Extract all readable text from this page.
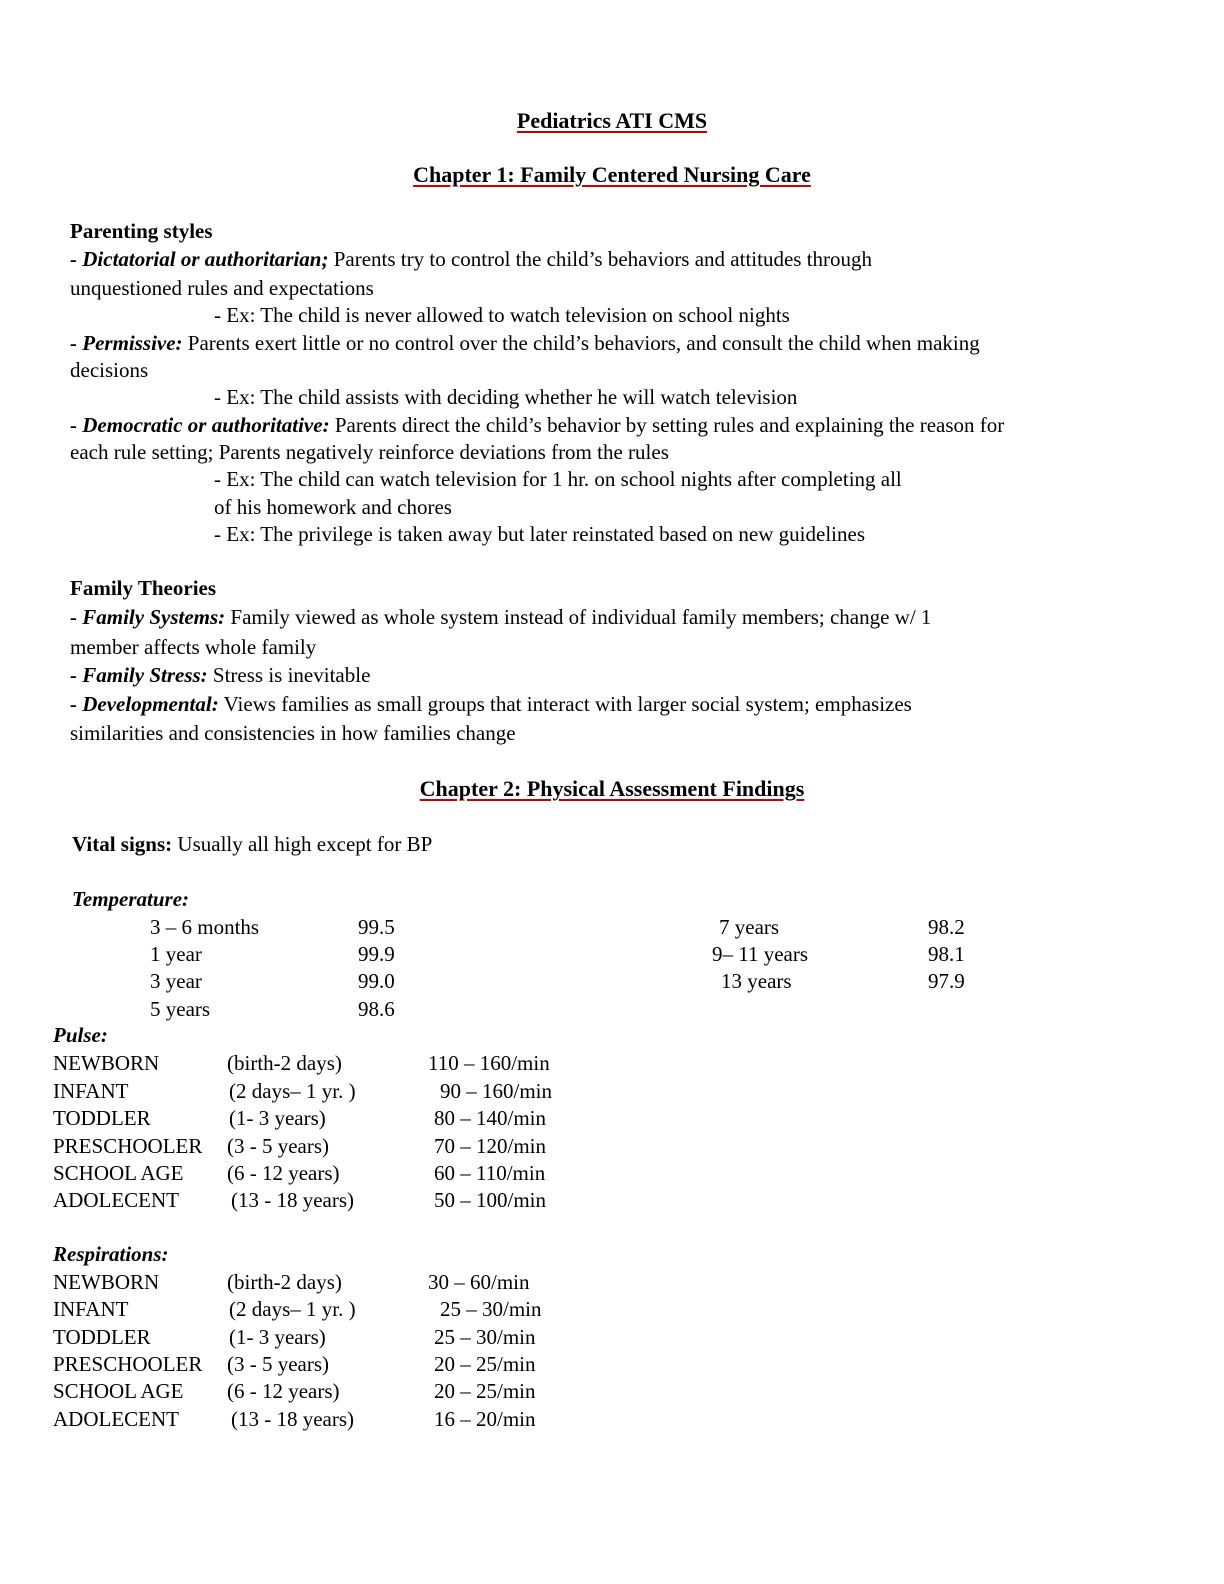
Pediatrics ATI CMS
Chapter 1: Family Centered Nursing Care
Parenting styles
- Dictatorial or authoritarian; Parents try to control the child’s behaviors and attitudes through
unquestioned rules and expectations
- Ex: The child is never allowed to watch television on school nights
- Permissive: Parents exert little or no control over the child’s behaviors, and consult the child when making
decisions
- Ex: The child assists with deciding whether he will watch television
- Democratic or authoritative: Parents direct the child’s behavior by setting rules and explaining the reason for
each rule setting; Parents negatively reinforce deviations from the rules
- Ex: The child can watch television for 1 hr. on school nights after completing all
of his homework and chores
- Ex: The privilege is taken away but later reinstated based on new guidelines
Family Theories
- Family Systems: Family viewed as whole system instead of individual family members; change w/ 1
member affects whole family
- Family Stress: Stress is inevitable
- Developmental: Views families as small groups that interact with larger social system; emphasizes
similarities and consistencies in how families change
Chapter 2: Physical Assessment Findings
Vital signs: Usually all high except for BP
Temperature:
3 – 6 months	99.5
1 year	99.9
3 year	99.0
5 years	98.6
7 years	98.2
9– 11 years	98.1
13 years	97.9
Pulse:
NEWBORN	(birth-2 days)	110 – 160/min
INFANT	(2 days– 1 yr. )	90 – 160/min
TODDLER	(1- 3 years)	80 – 140/min
PRESCHOOLER (3 - 5 years)	70 – 120/min
SCHOOL AGE (6 - 12 years)	60 – 110/min
ADOLECENT (13 - 18 years)	50 – 100/min
Respirations:
NEWBORN	(birth-2 days)	30 – 60/min
INFANT	(2 days– 1 yr. )	25 – 30/min
TODDLER	(1- 3 years)	25 – 30/min
PRESCHOOLER (3 - 5 years)	20 – 25/min
SCHOOL AGE (6 - 12 years)	20 – 25/min
ADOLECENT (13 - 18 years)	16 – 20/min
